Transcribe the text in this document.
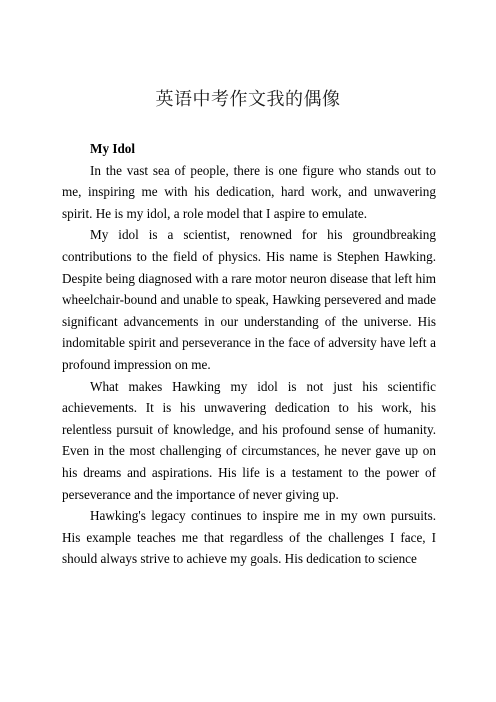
英语中考作文我的偶像

My Idol

In the vast sea of people, there is one figure who stands out to me, inspiring me with his dedication, hard work, and unwavering spirit. He is my idol, a role model that I aspire to emulate.

My idol is a scientist, renowned for his groundbreaking contributions to the field of physics. His name is Stephen Hawking. Despite being diagnosed with a rare motor neuron disease that left him wheelchair-bound and unable to speak, Hawking persevered and made significant advancements in our understanding of the universe. His indomitable spirit and perseverance in the face of adversity have left a profound impression on me.

What makes Hawking my idol is not just his scientific achievements. It is his unwavering dedication to his work, his relentless pursuit of knowledge, and his profound sense of humanity. Even in the most challenging of circumstances, he never gave up on his dreams and aspirations. His life is a testament to the power of perseverance and the importance of never giving up.

Hawking's legacy continues to inspire me in my own pursuits. His example teaches me that regardless of the challenges I face, I should always strive to achieve my goals. His dedication to science
